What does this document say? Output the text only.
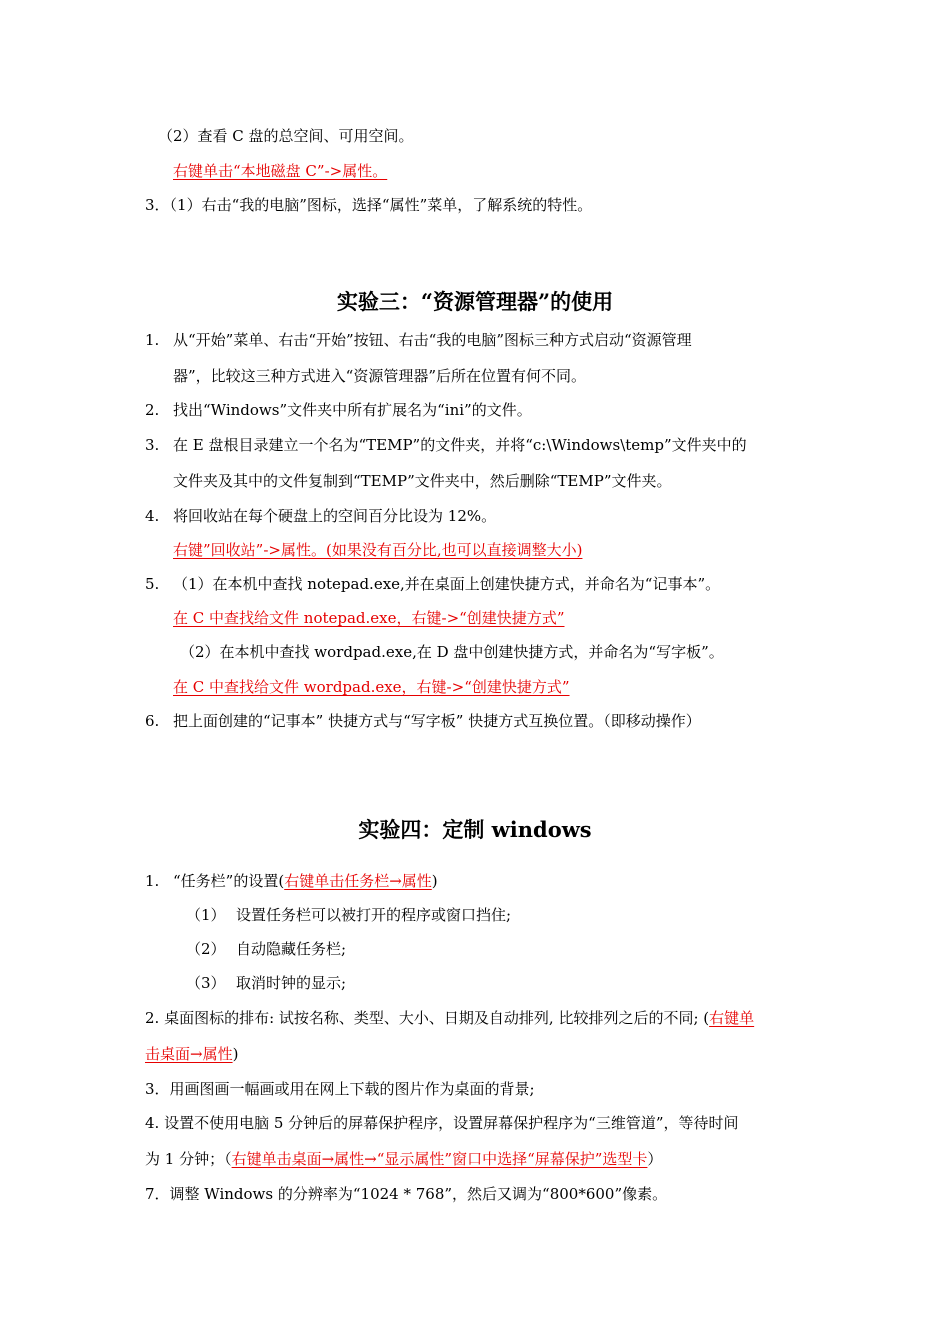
（2）查看 C 盘的总空间、可用空间。
右键单击“本地磁盘 C”->属性。
3．（1）右击“我的电脑”图标，选择“属性”菜单，了解系统的特性。
实验三：“资源管理器”的使用
1. 从“开始”菜单、右击“开始”按钮、右击“我的电脑”图标三种方式启动“资源管理
器”，比较这三种方式进入“资源管理器”后所在位置有何不同。
2. 找出“Windows”文件夹中所有扩展名为“ini”的文件。
3. 在 E 盘根目录建立一个名为“TEMP”的文件夹，并将“c:\Windows\temp”文件夹中的
文件夹及其中的文件复制到“TEMP”文件夹中，然后删除“TEMP”文件夹。
4. 将回收站在每个硬盘上的空间百分比设为 12%。
右键”回收站”->属性。(如果没有百分比,也可以直接调整大小)
5. （1）在本机中查找 notepad.exe,并在桌面上创建快捷方式，并命名为“记事本”。
在 C 中查找给文件 notepad.exe，右键->“创建快捷方式”
（2）在本机中查找 wordpad.exe,在 D 盘中创建快捷方式，并命名为“写字板”。
在 C 中查找给文件 wordpad.exe，右键->“创建快捷方式”
6. 把上面创建的“记事本” 快捷方式与“写字板” 快捷方式互换位置。（即移动操作）
实验四：定制 windows
1. “任务栏”的设置(右键单击任务栏→属性)
（1） 设置任务栏可以被打开的程序或窗口挡住;
（2） 自动隐藏任务栏;
（3） 取消时钟的显示;
2. 桌面图标的排布: 试按名称、类型、大小、日期及自动排列, 比较排列之后的不同; (右键单
击桌面→属性)
3．用画图画一幅画或用在网上下载的图片作为桌面的背景;
4. 设置不使用电脑 5 分钟后的屏幕保护程序，设置屏幕保护程序为“三维管道”，等待时间
为 1 分钟；（右键单击桌面→属性→“显示属性”窗口中选择“屏幕保护”选型卡）
7．调整 Windows 的分辨率为“1024 * 768”，然后又调为“800*600”像素。
